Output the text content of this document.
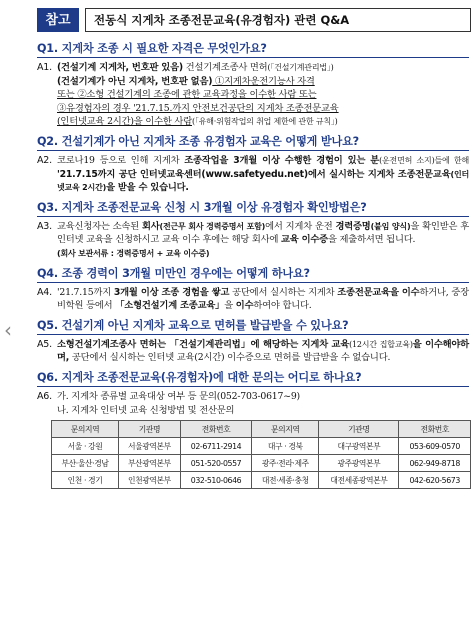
‹
참고	전동식 지게차 조종전문교육(유경험자) 관련 Q&A
Q1. 지게차 조종 시 필요한 자격은 무엇인가요?
A1. (건설기계 지게차, 번호판 있음) 건설기계조종사 면허(「건설기계관리법」)

(건설기계가 아닌 지게차, 번호판 없음) ①지게차운전기능사 자격

또는 ②소형 건설기계의 조종에 관한 교육과정을 이수한 사람 또는

③유경험자의 경우 '21.7.15.까지 안전보건공단의 지게차 조종전문교육

(인터넷교육 2시간)을 이수한 사람(「유해·위험작업의 취업 제한에 관한 규칙」)

Q2. 건설기계가 아닌 지게차 조종 유경험자 교육은 어떻게 받나요?
A2. 코로나19 등으로 인해 지게차 조종작업을 3개월 이상 수행한 경험이 있는 분(운전면허 소지)들에 한해 '21.7.15까지 공단 인터넷교육센터(www.safetyedu.net)에서 실시하는 지게차 조종전문교육(인터넷교육 2시간)을 받을 수 있습니다.

Q3. 지게차 조종전문교육 신청 시 3개월 이상 유경험자 확인방법은?
A3. 교육신청자는 소속된 회사(전근무 회사 경력증명서 포함)에서 지게차 운전 경력증명(붙임 양식)을 확인받은 후 인터넷 교육을 신청하시고 교육 이수 후에는 해당 회사에 교육 이수증을 제출하셔면 됩니다.

(회사 보관서류 : 경력증명서 + 교육 이수증)

Q4. 조종 경력이 3개월 미만인 경우에는 어떻게 하나요?
A4. '21.7.15까지 3개월 이상 조종 경험을 쌓고 공단에서 실시하는 지게차 조종전문교육을 이수하거나, 중장비학원 등에서 「소형건설기계 조종교육」을 이수하여야 합니다.

Q5. 건설기계 아닌 지게차 교육으로 면허를 발급받을 수 있나요?
A5. 소형건설기계조종사 면허는 「건설기계관리법」에 해당하는 지게차 교육(12시간 집합교육)을 이수해야하며, 공단에서 실시하는 인터넷 교육(2시간) 이수증으로 면허를 발급받을 수 없습니다.

Q6. 지게차 조종전문교육(유경험자)에 대한 문의는 어디로 하나요?
A6. 가. 지게차 종류별 교육대상 여부 등 문의(052-703-0617~9)

나. 지게차 인터넷 교육 신청방법 및 전산문의

문의지역	기관명	전화번호	문의지역	기관명	전화번호
서울 · 강원	서울광역본부	02-6711-2914	대구 · 경북	대구광역본부	053-609-0570
부산·울산·경남	부산광역본부	051-520-0557	광주·전라·제주	광주광역본부	062-949-8718
인천 · 경기	인천광역본부	032-510-0646	대전·세종·충청	대전세종광역본부	042-620-5673
